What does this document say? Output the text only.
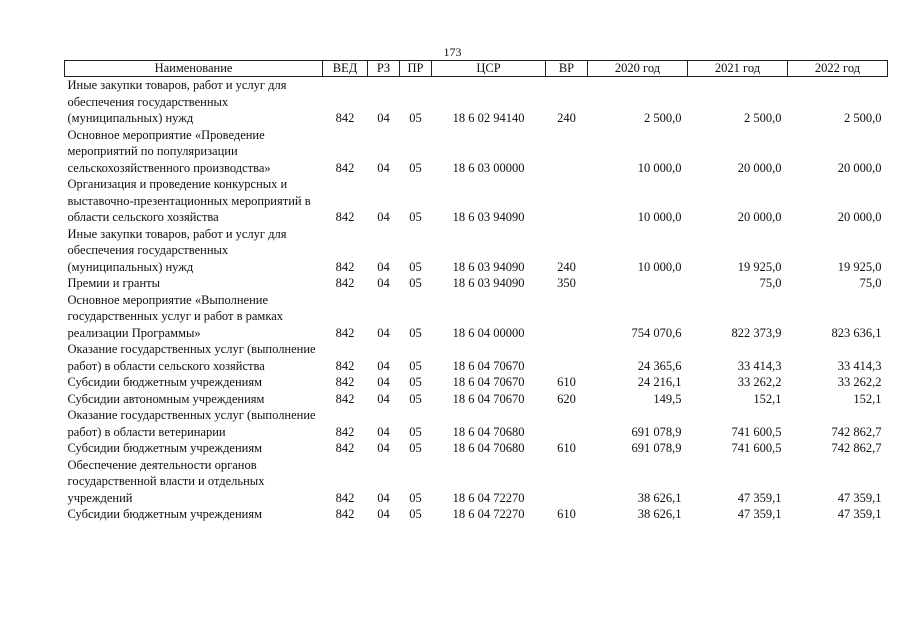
173
Наименование	ВЕД	РЗ	ПР	ЦСР	ВР	2020 год	2021 год	2022 год
Иные закупки товаров, работ и услуг для обеспечения государственных (муниципальных) нужд	842	04	05	18 6 02 94140	240	2 500,0	2 500,0	2 500,0
Основное мероприятие «Проведение мероприятий по популяризации сельскохозяйственного производства»	842	04	05	18 6 03 00000		10 000,0	20 000,0	20 000,0
Организация и проведение конкурсных и выставочно-презентационных мероприятий в области сельского хозяйства	842	04	05	18 6 03 94090		10 000,0	20 000,0	20 000,0
Иные закупки товаров, работ и услуг для обеспечения государственных (муниципальных) нужд	842	04	05	18 6 03 94090	240	10 000,0	19 925,0	19 925,0
Премии и гранты	842	04	05	18 6 03 94090	350		75,0	75,0
Основное мероприятие «Выполнение государственных услуг и работ в рамках реализации Программы»	842	04	05	18 6 04 00000		754 070,6	822 373,9	823 636,1
Оказание государственных услуг (выполнение работ) в области сельского хозяйства	842	04	05	18 6 04 70670		24 365,6	33 414,3	33 414,3
Субсидии бюджетным учреждениям	842	04	05	18 6 04 70670	610	24 216,1	33 262,2	33 262,2
Субсидии автономным учреждениям	842	04	05	18 6 04 70670	620	149,5	152,1	152,1
Оказание государственных услуг (выполнение работ) в области ветеринарии	842	04	05	18 6 04 70680		691 078,9	741 600,5	742 862,7
Субсидии бюджетным учреждениям	842	04	05	18 6 04 70680	610	691 078,9	741 600,5	742 862,7
Обеспечение деятельности органов государственной власти и отдельных учреждений	842	04	05	18 6 04 72270		38 626,1	47 359,1	47 359,1
Субсидии бюджетным учреждениям	842	04	05	18 6 04 72270	610	38 626,1	47 359,1	47 359,1
